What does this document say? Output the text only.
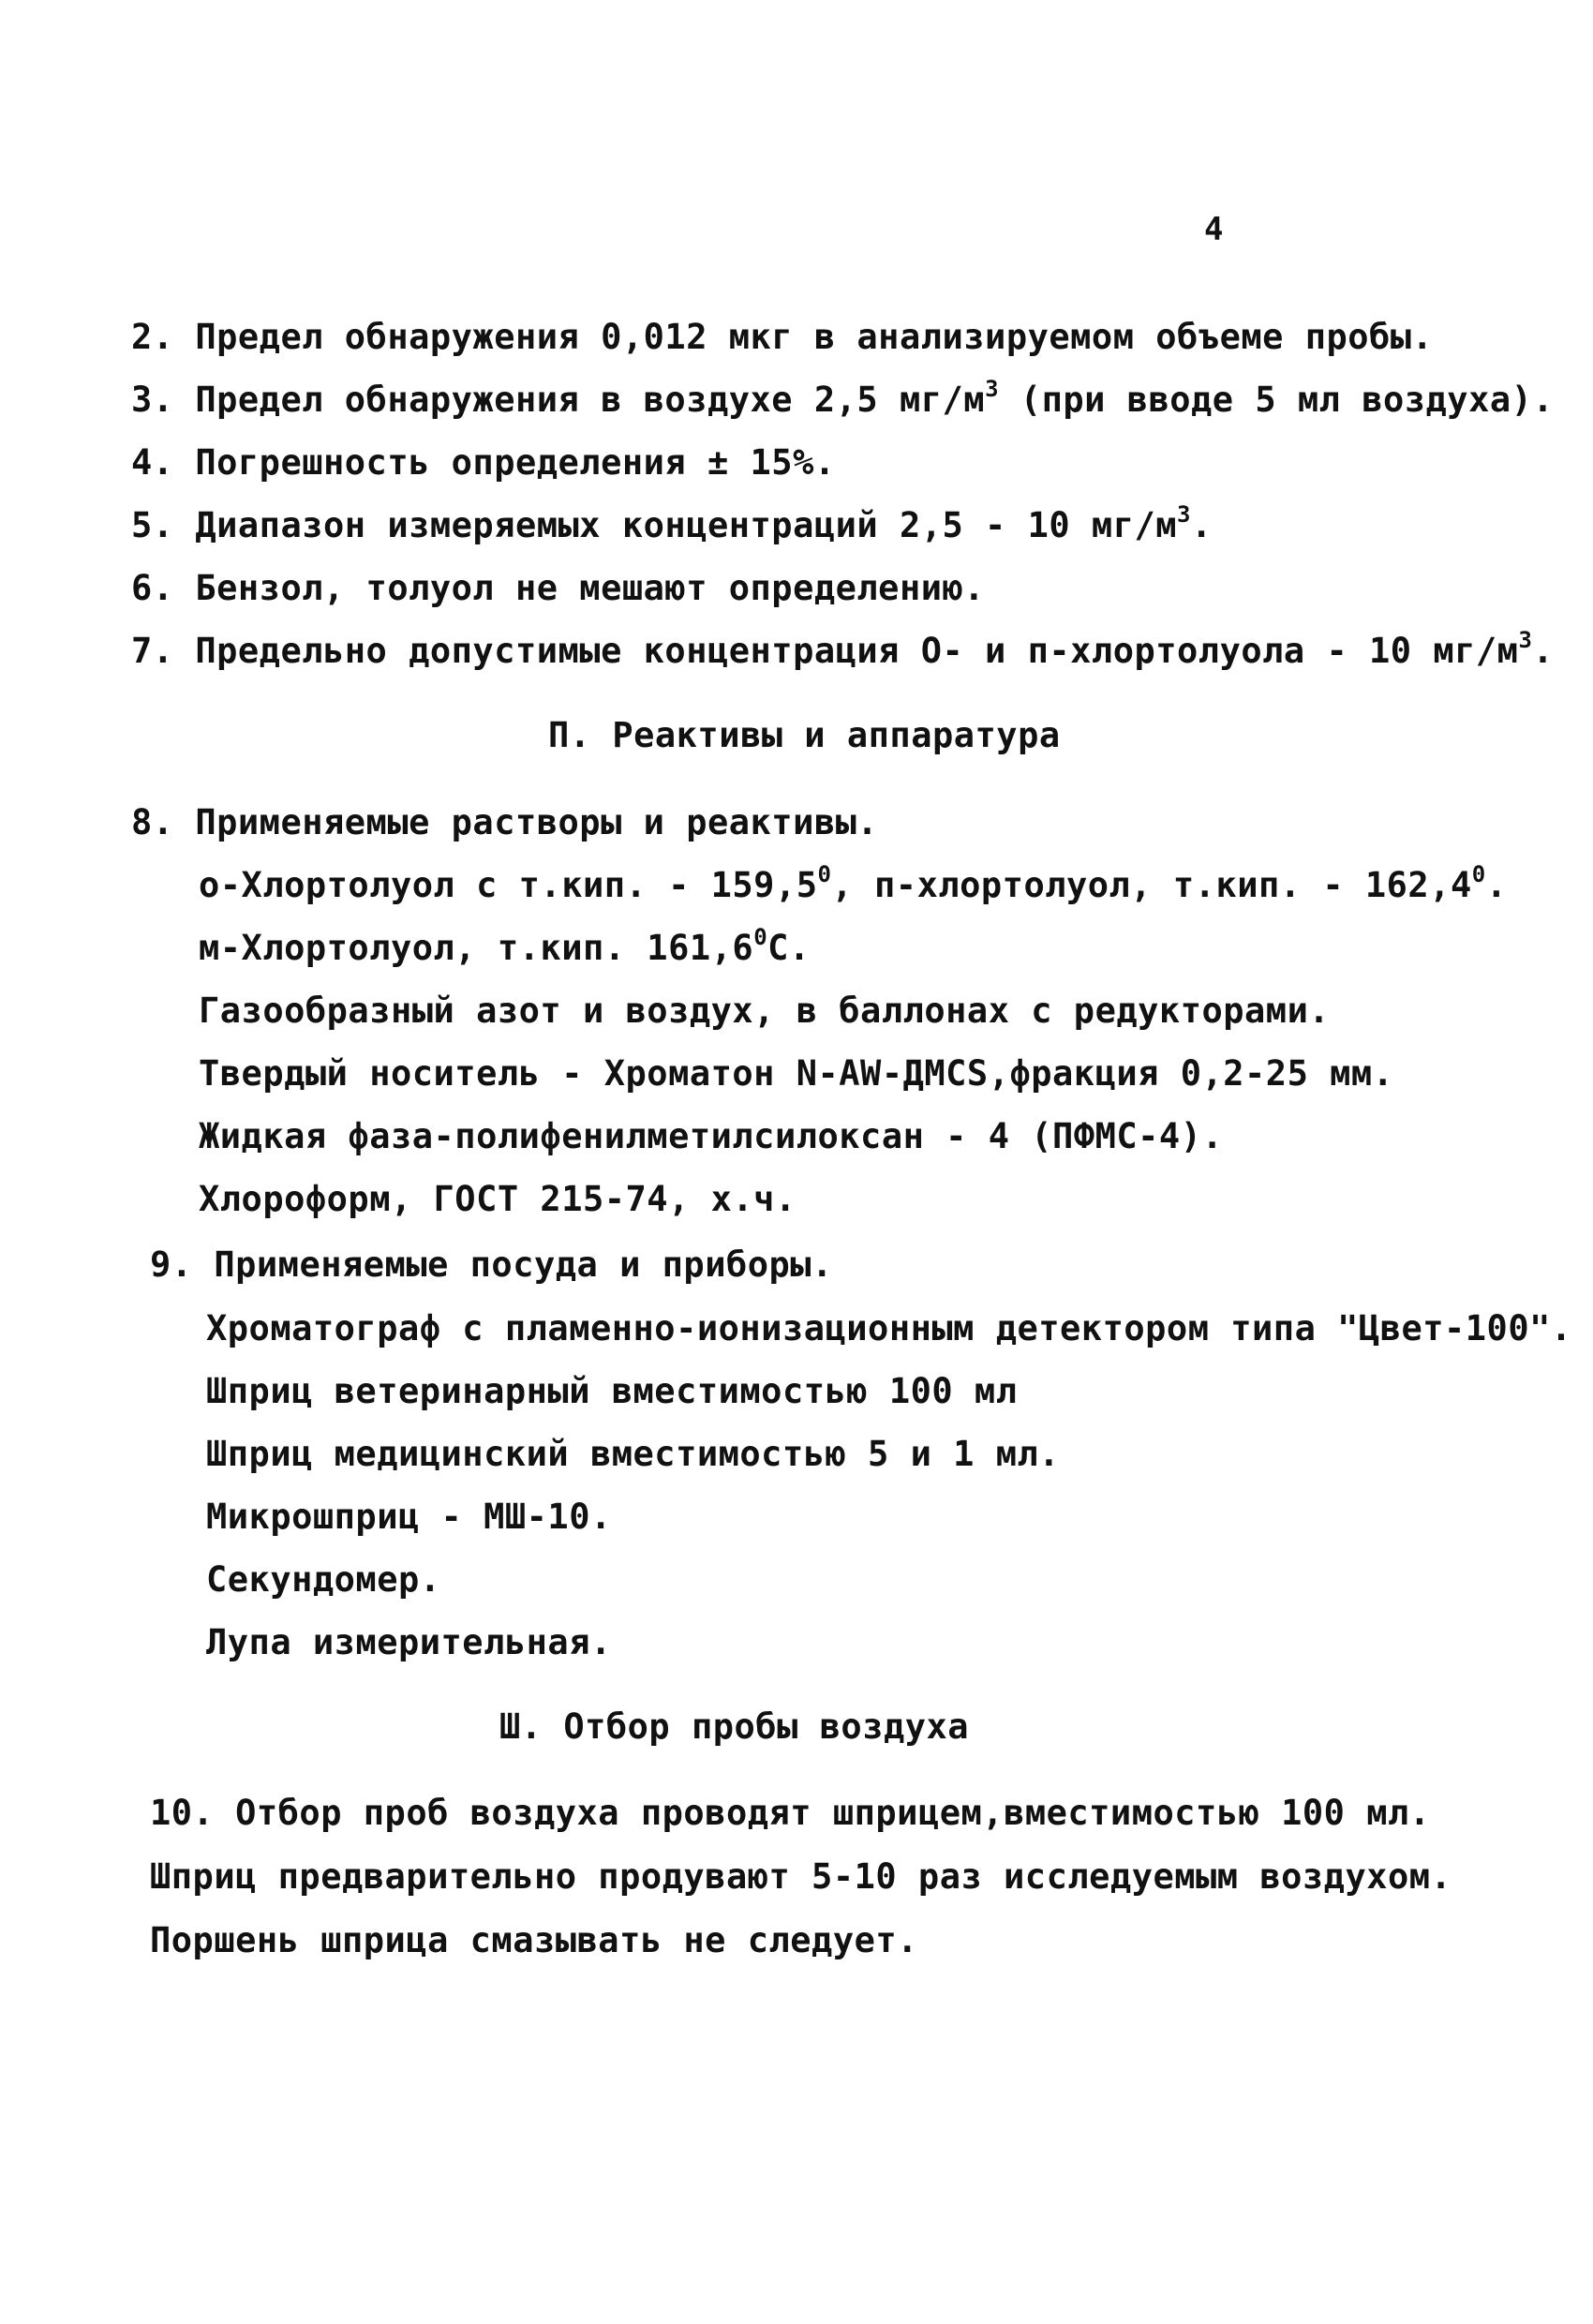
4
2. Предел обнаружения 0,012 мкг в анализируемом объеме пробы.
3. Предел обнаружения в воздухе 2,5 $мг/м^3$ (при вводе 5 мл воздуха).
4. Погрешность определения ± 15%.
5. Диапазон измеряемых концентраций 2,5 - 10 $мг/м^3$.
6. Бензол, толуол не мешают определению.
7. Предельно допустимые концентрация О- и п-хлортолуола - 10 $мг/м^3$.
П. Реактивы и аппаратура
8. Применяемые растворы и реактивы.
о-Хлортолуол с т.кип. - 159,5$^0$, п-хлортолуол, т.кип. - 162,4$^0$.
м-Хлортолуол, т.кип. 161,6$^0$С.
Газообразный азот и воздух, в баллонах с редукторами.
Твердый носитель - Хроматон N-AW-ДМСS,фракция 0,2-25 мм.
Жидкая фаза-полифенилметилсилоксан - 4 (ПФМС-4).
Хлороформ, ГОСТ 215-74, х.ч.
9. Применяемые посуда и приборы.
Хроматограф с пламенно-ионизационным детектором типа "Цвет-100".
Шприц ветеринарный вместимостью 100 мл
Шприц медицинский вместимостью 5 и 1 мл.
Микрошприц - МШ-10.
Секундомер.
Лупа измерительная.
Ш. Отбор пробы воздуха
10. Отбор проб воздуха проводят шприцем,вместимостью 100 мл.
Шприц предварительно продувают 5-10 раз исследуемым воздухом.
Поршень шприца смазывать не следует.
